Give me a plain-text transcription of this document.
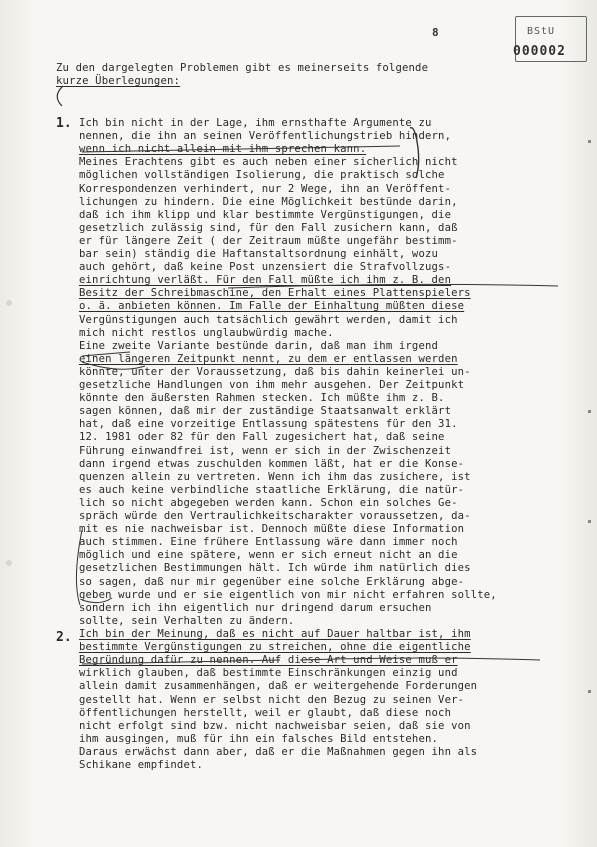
8	BStU
000002
Zu den dargelegten Problemen gibt es meinerseits folgende
kurze Überlegungen:
1. Ich bin nicht in der Lage, ihm ernsthafte Argumente zu
nennen, die ihn an seinen Veröffentlichungstrieb hindern,
wenn ich nicht allein mit ihm sprechen kann.
Meines Erachtens gibt es auch neben einer sicherlich nicht
möglichen vollständigen Isolierung, die praktisch solche
Korrespondenzen verhindert, nur 2 Wege, ihn an Veröffent-
lichungen zu hindern. Die eine Möglichkeit bestünde darin,
daß ich ihm klipp und klar bestimmte Vergünstigungen, die
gesetzlich zulässig sind, für den Fall zusichern kann, daß
er für längere Zeit ( der Zeitraum müßte ungefähr bestimm-
bar sein) ständig die Haftanstaltsordnung einhält, wozu
auch gehört, daß keine Post unzensiert die Strafvollzugs-
einrichtung verläßt. Für den Fall müßte ich ihm z. B. den
Besitz der Schreibmaschine, den Erhalt eines Plattenspielers
o. ä. anbieten können. Im Falle der Einhaltung müßten diese
Vergünstigungen auch tatsächlich gewährt werden, damit ich
mich nicht restlos unglaubwürdig mache.
Eine zweite Variante bestünde darin, daß man ihm irgend
einen längeren Zeitpunkt nennt, zu dem er entlassen werden
könnte, unter der Voraussetzung, daß bis dahin keinerlei un-
gesetzliche Handlungen von ihm mehr ausgehen. Der Zeitpunkt
könnte den äußersten Rahmen stecken. Ich müßte ihm z. B.
sagen können, daß mir der zuständige Staatsanwalt erklärt
hat, daß eine vorzeitige Entlassung spätestens für den 31.
12. 1981 oder 82 für den Fall zugesichert hat, daß seine
Führung einwandfrei ist, wenn er sich in der Zwischenzeit
dann irgend etwas zuschulden kommen läßt, hat er die Konse-
quenzen allein zu vertreten. Wenn ich ihm das zusichere, ist
es auch keine verbindliche staatliche Erklärung, die natür-
lich so nicht abgegeben werden kann. Schon ein solches Ge-
spräch würde den Vertraulichkeitscharakter voraussetzen, da-
mit es nie nachweisbar ist. Dennoch müßte diese Information
auch stimmen. Eine frühere Entlassung wäre dann immer noch
möglich und eine spätere, wenn er sich erneut nicht an die
gesetzlichen Bestimmungen hält. Ich würde ihm natürlich dies
so sagen, daß nur mir gegenüber eine solche Erklärung abge-
geben wurde und er sie eigentlich von mir nicht erfahren sollte,
sondern ich ihn eigentlich nur dringend darum ersuchen
sollte, sein Verhalten zu ändern.
2. Ich bin der Meinung, daß es nicht auf Dauer haltbar ist, ihm
bestimmte Vergünstigungen zu streichen, ohne die eigentliche
Begründung dafür zu nennen. Auf diese Art und Weise muß er
wirklich glauben, daß bestimmte Einschränkungen einzig und
allein damit zusammenhängen, daß er weitergehende Forderungen
gestellt hat. Wenn er selbst nicht den Bezug zu seinen Ver-
öffentlichungen herstellt, weil er glaubt, daß diese noch
nicht erfolgt sind bzw. nicht nachweisbar seien, daß sie von
ihm ausgingen, muß für ihn ein falsches Bild entstehen.
Daraus erwächst dann aber, daß er die Maßnahmen gegen ihn als
Schikane empfindet.
